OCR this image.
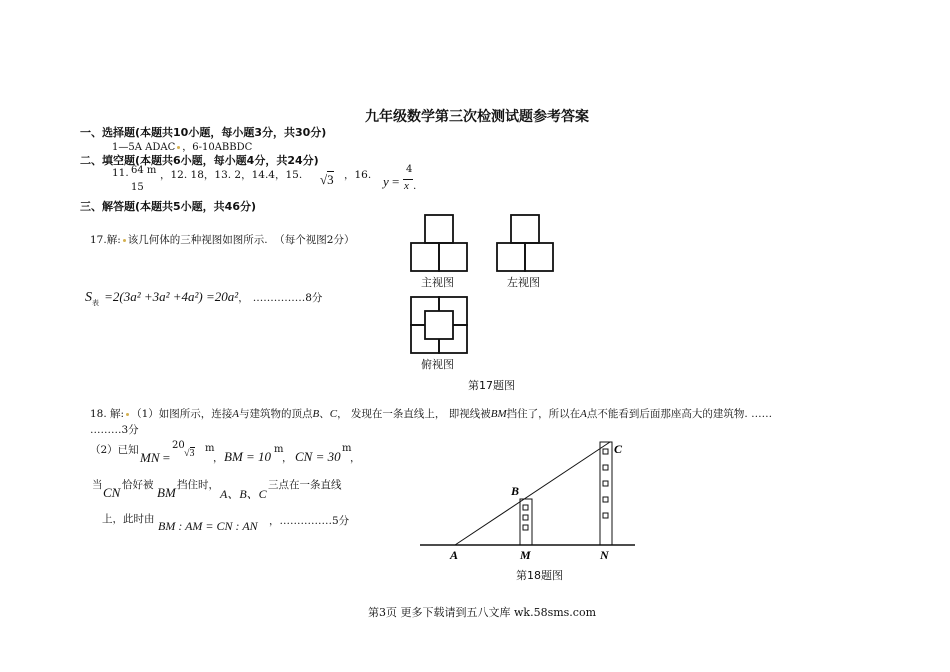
九年级数学第三次检测试题参考答案
一、选择题(本题共10小题，每小题3分，共30分)
1—5A ADAC ，6-10ABBDC
二、填空题(本题共6小题，每小题4分，共24分)
11. 64 m
15
，12. 18，13. 2，14.4，15. √3 ，16. y =
4
x .
三、解答题(本题共5小题，共46分)
17.解: 该几何体的三种视图如图所示. （每个视图2分）
$S_表 =2(3a^2 +3a^2 +4a^2) =20a^2$， ……………8分
主视图	左视图
俯视图
第17题图
18. 解: （1）如图所示，连接A与建筑物的顶点B、C， 发现在一条直线上， 即视线被BM挡住了，所以在A点不能看到后面那座高大的建筑物. ……
………3分
（2）已知 MN =
20
√3 m
， BM = 10 m
， CN = 30
m
，
当 CN 恰好被 BM 挡住时，
A、B、C
三点在一条直线
上，此时由 BM : AM = CN : AN ，……………5分
A	M	N
B
C
第18题图
第3页 更多下载请到五八文库 wk.58sms.com
